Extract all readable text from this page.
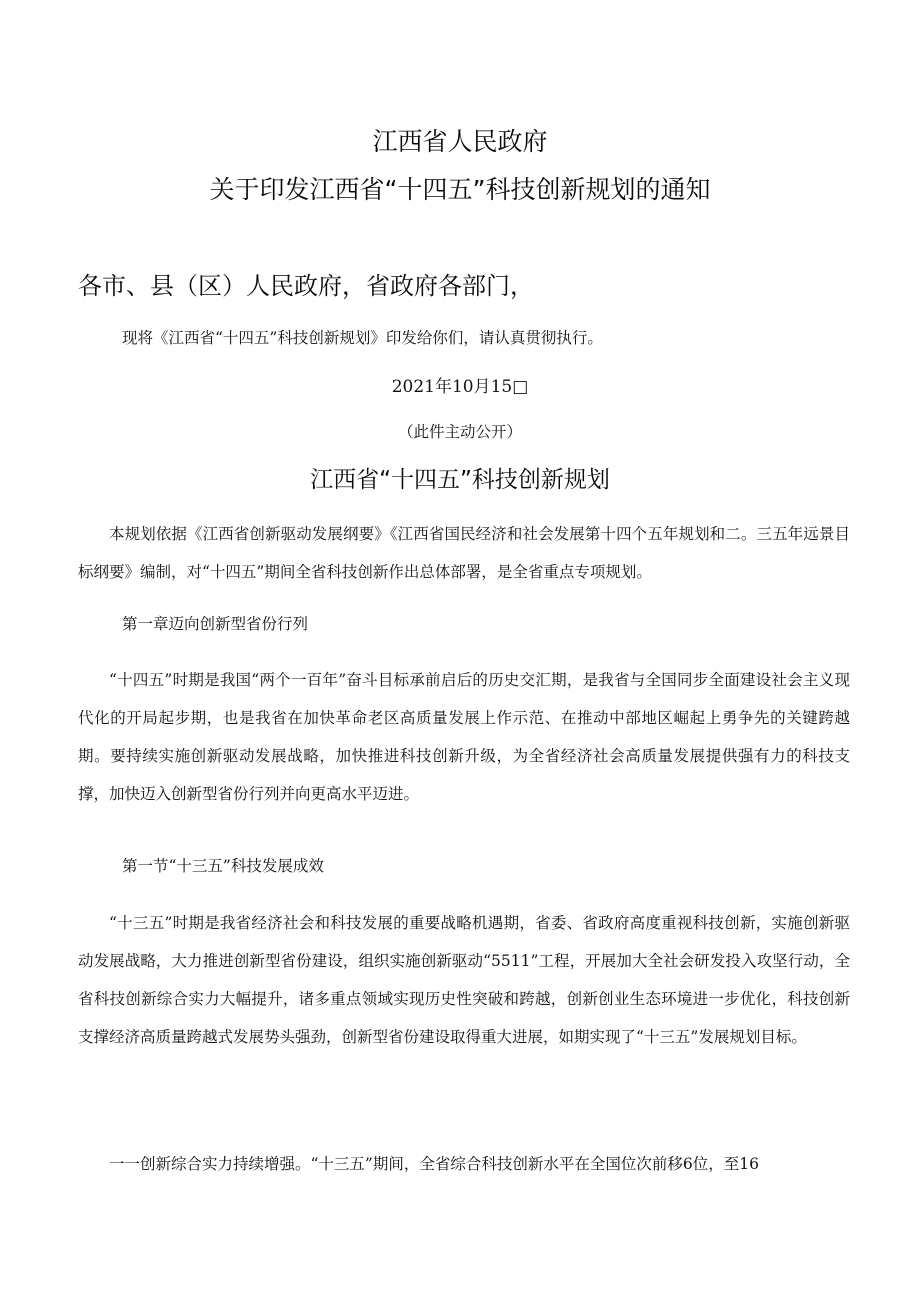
江西省人民政府
关于印发江西省“十四五”科技创新规划的通知

各市、县（区）人民政府，省政府各部门，

现将《江西省“十四五”科技创新规划》印发给你们，请认真贯彻执行。

2021年10月15□

（此件主动公开）

江西省“十四五”科技创新规划

本规划依据《江西省创新驱动发展纲要》《江西省国民经济和社会发展第十四个五年规划和二。三五年远景目标纲要》编制，对“十四五”期间全省科技创新作出总体部署，是全省重点专项规划。

第一章迈向创新型省份行列

“十四五”时期是我国“两个一百年”奋斗目标承前启后的历史交汇期，是我省与全国同步全面建设社会主义现代化的开局起步期，也是我省在加快革命老区高质量发展上作示范、在推动中部地区崛起上勇争先的关键跨越期。要持续实施创新驱动发展战略，加快推进科技创新升级，为全省经济社会高质量发展提供强有力的科技支撑，加快迈入创新型省份行列并向更高水平迈进。

第一节“十三五”科技发展成效

“十三五”时期是我省经济社会和科技发展的重要战略机遇期，省委、省政府高度重视科技创新，实施创新驱动发展战略，大力推进创新型省份建设，组织实施创新驱动“5511”工程，开展加大全社会研发投入攻坚行动，全省科技创新综合实力大幅提升，诸多重点领域实现历史性突破和跨越，创新创业生态环境进一步优化，科技创新支撑经济高质量跨越式发展势头强劲，创新型省份建设取得重大进展，如期实现了“十三五”发展规划目标。

一一创新综合实力持续增强。“十三五”期间，全省综合科技创新水平在全国位次前移6位，至16
